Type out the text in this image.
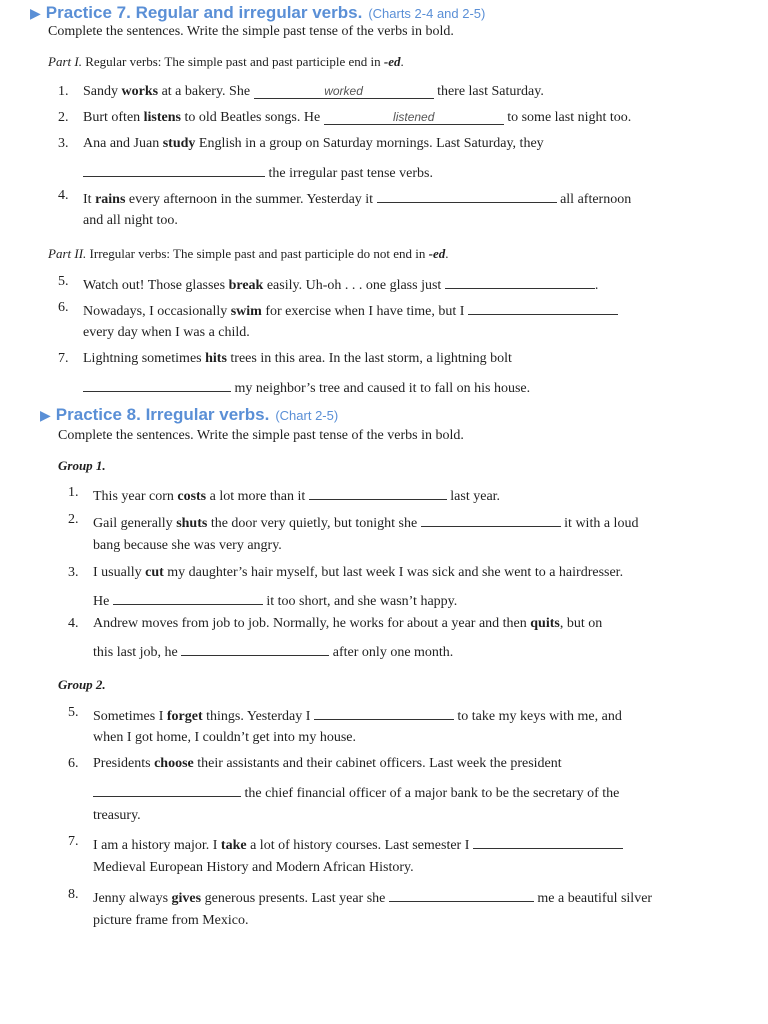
▶ Practice 7. Regular and irregular verbs. (Charts 2-4 and 2-5)
Complete the sentences. Write the simple past tense of the verbs in bold.
Part I. Regular verbs: The simple past and past participle end in -ed.
1. Sandy works at a bakery. She	worked	there last Saturday.
2. Burt often listens to old Beatles songs. He	listened	to some last night too.
3. Ana and Juan study English in a group on Saturday mornings. Last Saturday, they
the irregular past tense verbs.
4. It rains every afternoon in the summer. Yesterday it	all afternoon
and all night too.
Part II. Irregular verbs: The simple past and past participle do not end in -ed.
5. Watch out! Those glasses break easily. Uh-oh . . . one glass just	.
6. Nowadays, I occasionally swim for exercise when I have time, but I
every day when I was a child.
7. Lightning sometimes hits trees in this area. In the last storm, a lightning bolt
my neighbor’s tree and caused it to fall on his house.
▶ Practice 8. Irregular verbs. (Chart 2-5)
Complete the sentences. Write the simple past tense of the verbs in bold.
Group 1.
1. This year corn costs a lot more than it	last year.
2. Gail generally shuts the door very quietly, but tonight she	it with a loud
bang because she was very angry.
3. I usually cut my daughter’s hair myself, but last week I was sick and she went to a hairdresser.
He	it too short, and she wasn’t happy.
4. Andrew moves from job to job. Normally, he works for about a year and then quits, but on
this last job, he	after only one month.
Group 2.
5. Sometimes I forget things. Yesterday I	to take my keys with me, and
when I got home, I couldn’t get into my house.
6. Presidents choose their assistants and their cabinet officers. Last week the president
the chief financial officer of a major bank to be the secretary of the
treasury.
7. I am a history major. I take a lot of history courses. Last semester I
Medieval European History and Modern African History.
8. Jenny always gives generous presents. Last year she	me a beautiful silver
picture frame from Mexico.
